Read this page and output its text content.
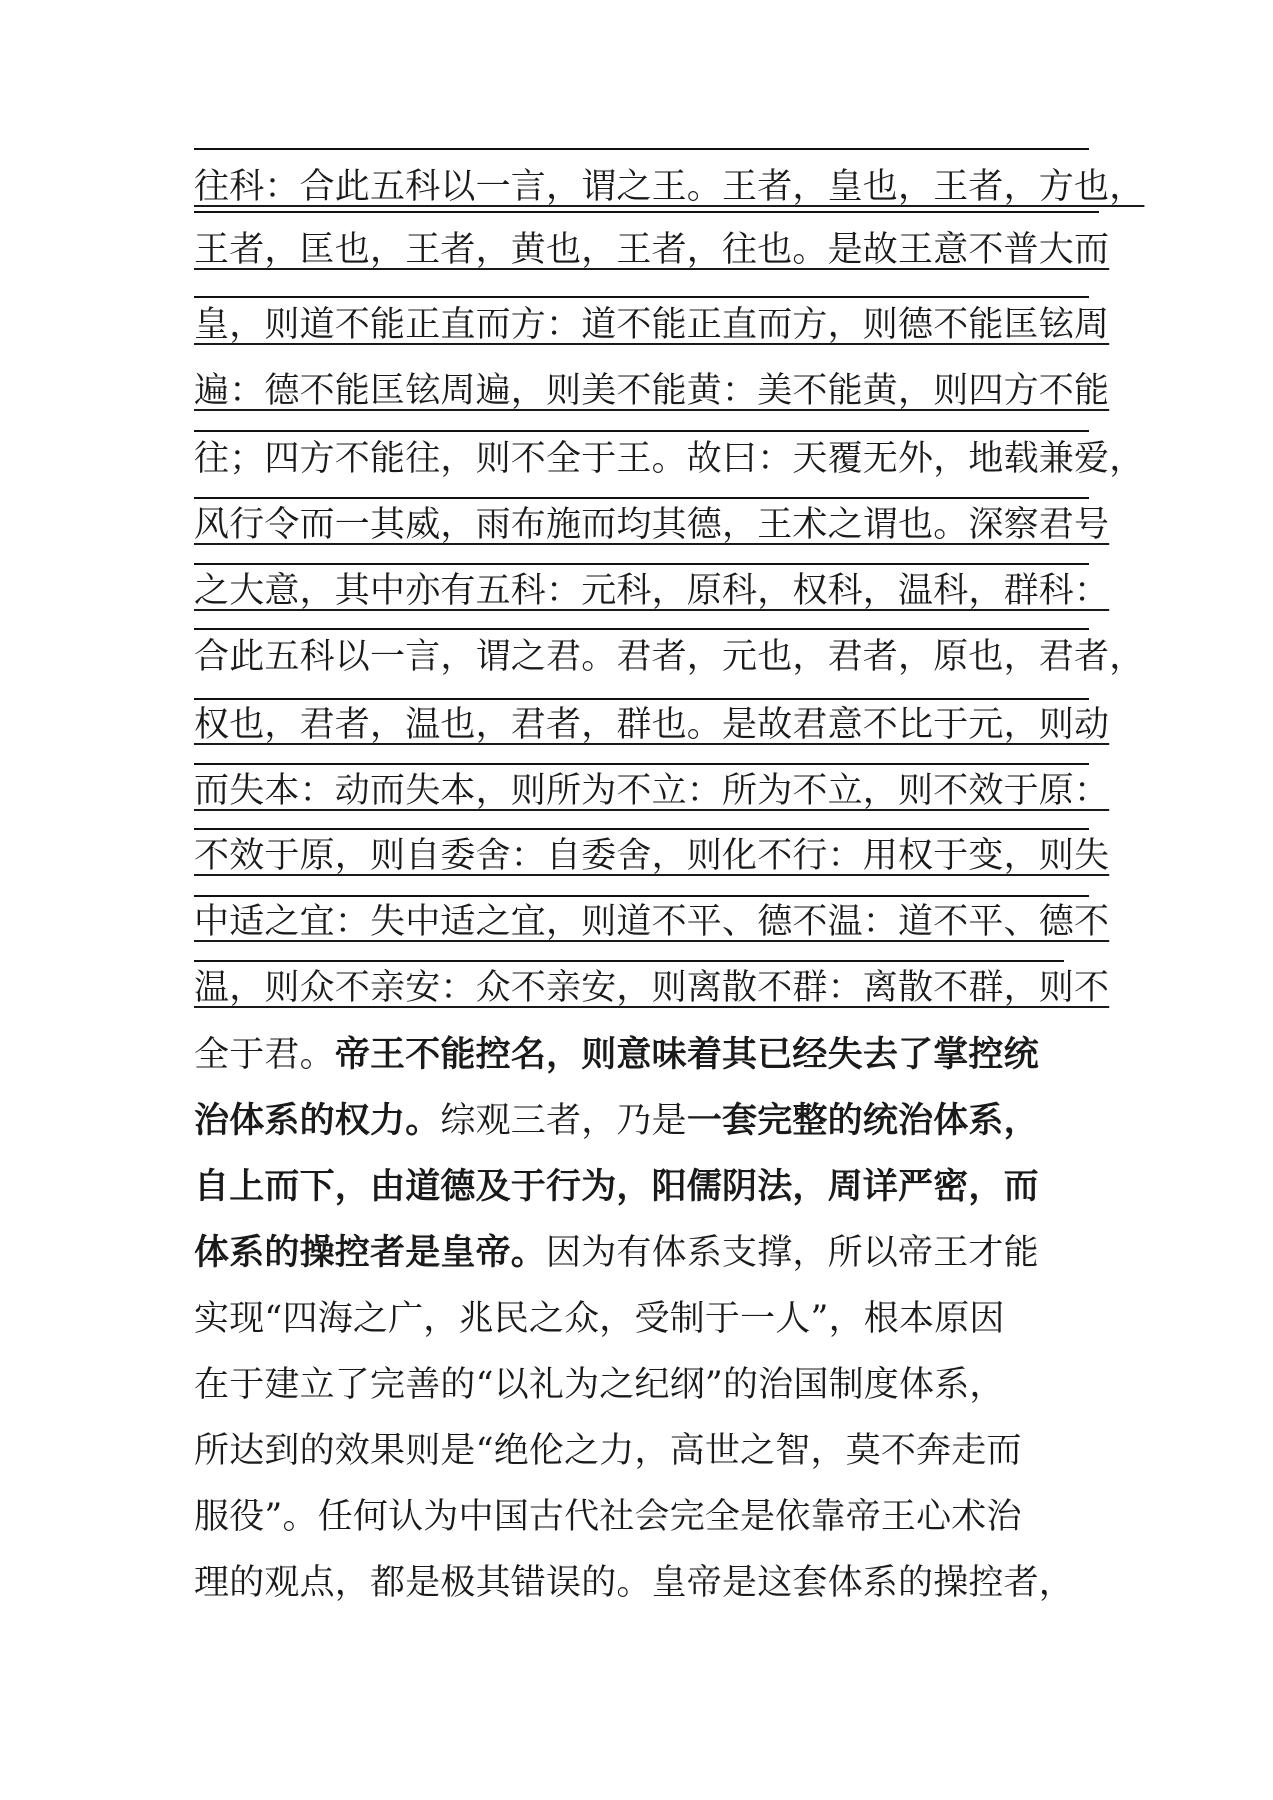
往科：合此五科以一言，谓之王。王者，皇也，王者，方也，
王者，匡也，王者，黄也，王者，往也。是故王意不普大而
皇，则道不能正直而方：道不能正直而方，则德不能匡铉周
遍：德不能匡铉周遍，则美不能黄：美不能黄，则四方不能
往；四方不能往，则不全于王。故曰：天覆无外，地载兼爱，
风行令而一其威，雨布施而均其德，王术之谓也。深察君号
之大意，其中亦有五科：元科，原科，权科，温科，群科：
合此五科以一言，谓之君。君者，元也，君者，原也，君者，
权也，君者，温也，君者，群也。是故君意不比于元，则动
而失本：动而失本，则所为不立：所为不立，则不效于原：
不效于原，则自委舍：自委舍，则化不行：用权于变，则失
中适之宜：失中适之宜，则道不平、德不温：道不平、德不
温，则众不亲安：众不亲安，则离散不群：离散不群，则不
全于君。帝王不能控名，则意味着其已经失去了掌控统
治体系的权力。综观三者，乃是一套完整的统治体系，
自上而下，由道德及于行为，阳儒阴法，周详严密，而
体系的操控者是皇帝。因为有体系支撑，所以帝王才能
实现“四海之广，兆民之众，受制于一人”，根本原因
在于建立了完善的“以礼为之纪纲”的治国制度体系，
所达到的效果则是“绝伦之力，高世之智，莫不奔走而
服役”。任何认为中国古代社会完全是依靠帝王心术治
理的观点，都是极其错误的。皇帝是这套体系的操控者，
